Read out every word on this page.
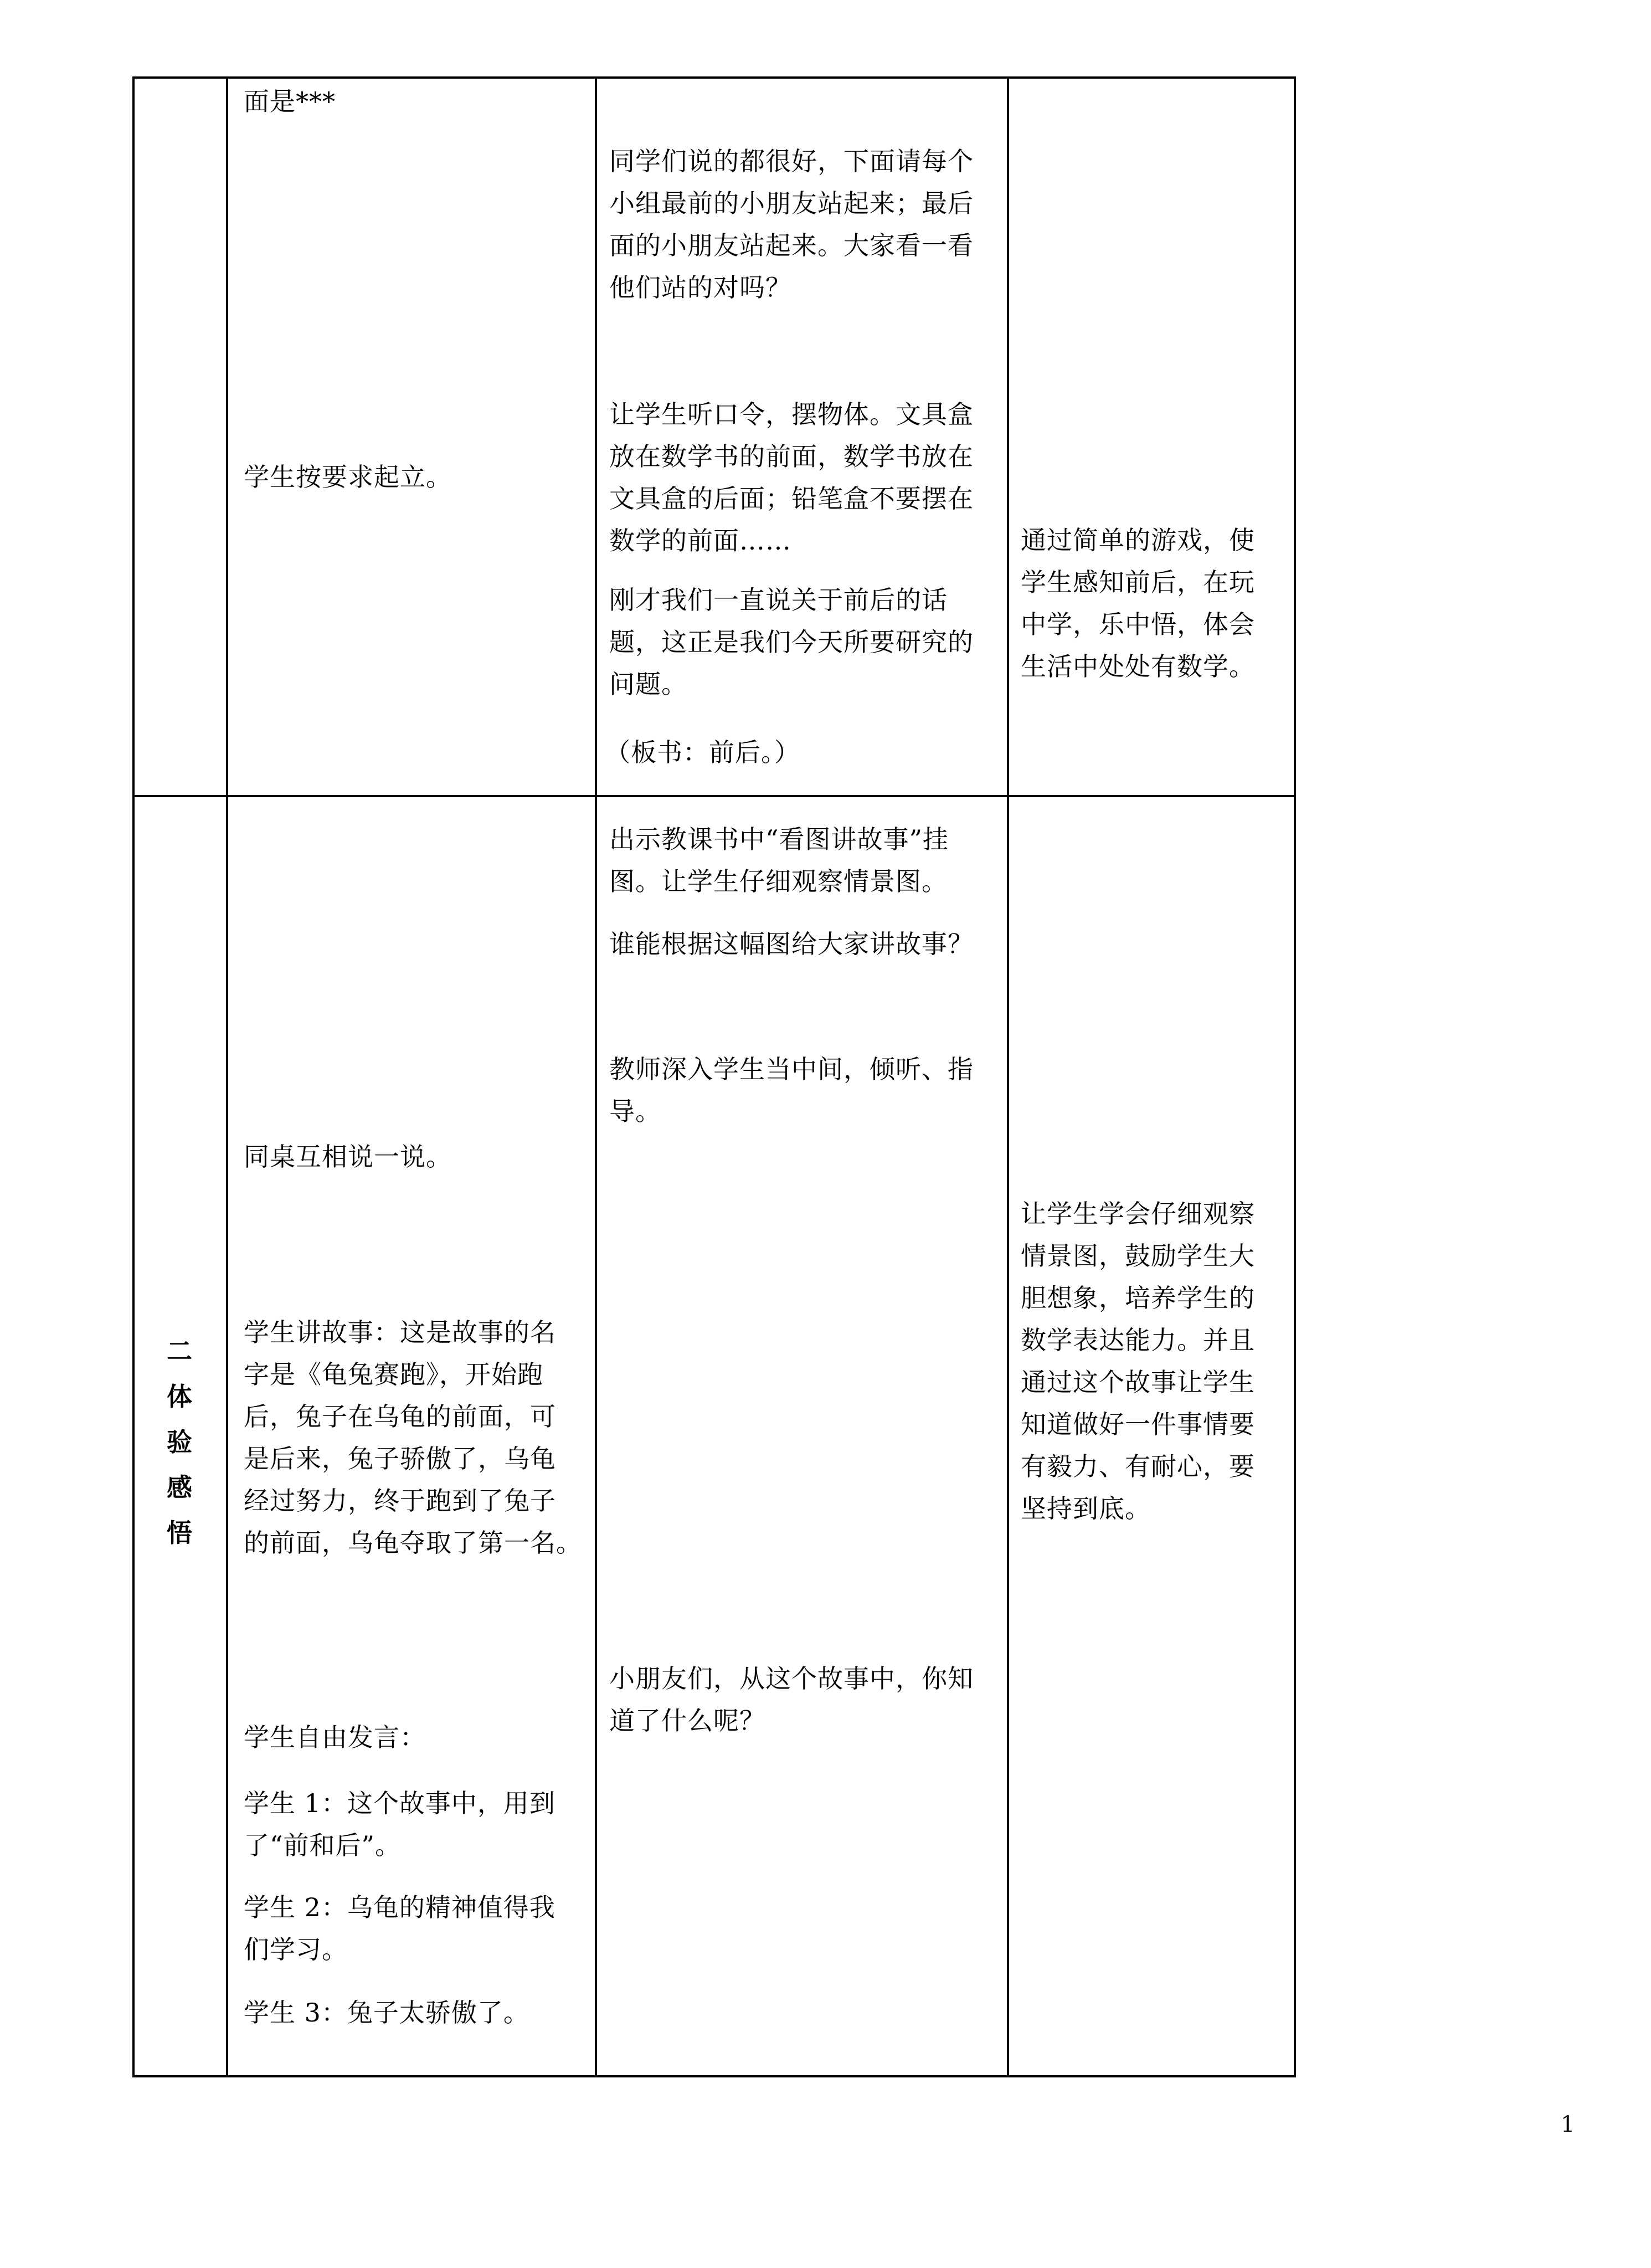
面是***

学生按要求起立。

同学们说的都很好，下面请每个
小组最前的小朋友站起来；最后
面的小朋友站起来。大家看一看
他们站的对吗？

让学生听口令，摆物体。文具盒
放在数学书的前面，数学书放在
文具盒的后面；铅笔盒不要摆在
数学的前面……

刚才我们一直说关于前后的话
题，这正是我们今天所要研究的
问题。

（板书：前后。）

通过简单的游戏，使
学生感知前后，在玩
中学，乐中悟，体会
生活中处处有数学。

二
体
验
感
悟

同桌互相说一说。

学生讲故事：这是故事的名
字是《龟兔赛跑》，开始跑
后，兔子在乌龟的前面，可
是后来，兔子骄傲了，乌龟
经过努力，终于跑到了兔子
的前面，乌龟夺取了第一名。

学生自由发言：

学生 1：这个故事中，用到
了“前和后”。

学生 2：乌龟的精神值得我
们学习。

学生 3：兔子太骄傲了。

出示教课书中“看图讲故事”挂
图。让学生仔细观察情景图。

谁能根据这幅图给大家讲故事？

教师深入学生当中间，倾听、指
导。

小朋友们，从这个故事中，你知
道了什么呢？

让学生学会仔细观察
情景图，鼓励学生大
胆想象，培养学生的
数学表达能力。并且
通过这个故事让学生
知道做好一件事情要
有毅力、有耐心，要
坚持到底。

1
